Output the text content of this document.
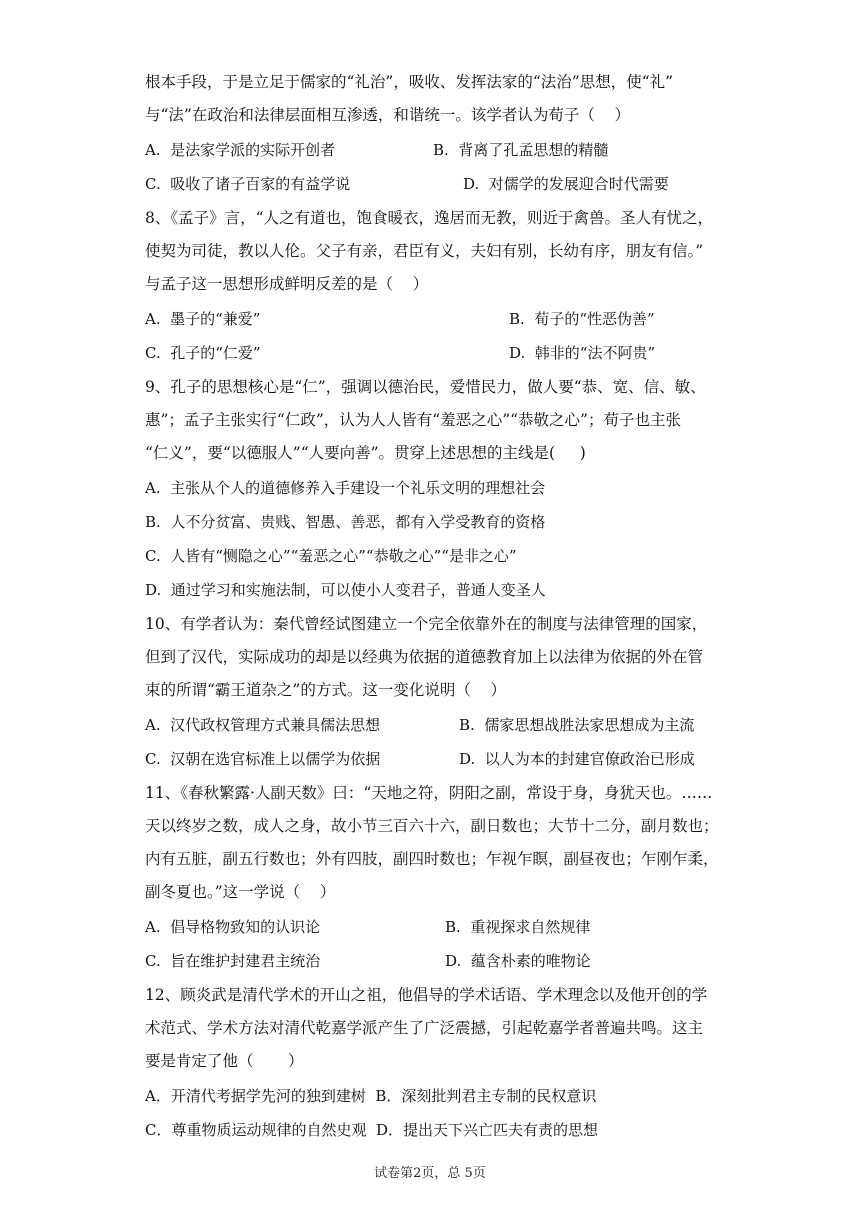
根本手段，于是立足于儒家的“礼治”，吸收、发挥法家的“法治”思想，使“礼”
与“法”在政治和法律层面相互渗透，和谐统一。该学者认为荀子（    ）
A.  是法家学派的实际开创者	B.  背离了孔孟思想的精髓
C.  吸收了诸子百家的有益学说	D.  对儒学的发展迎合时代需要
8、《孟子》言，“人之有道也，饱食暖衣，逸居而无教，则近于禽兽。圣人有忧之，
使契为司徒，教以人伦。父子有亲，君臣有义，夫妇有别，长幼有序，朋友有信。”
与孟子这一思想形成鲜明反差的是（    ）
A.  墨子的“兼爱”	B.  荀子的“性恶伪善”
C.  孔子的“仁爱”	D.  韩非的“法不阿贵”
9、孔子的思想核心是“仁”，强调以德治民，爱惜民力，做人要“恭、宽、信、敏、
惠”；孟子主张实行“仁政”，认为人人皆有“羞恶之心”“恭敬之心”；荀子也主张
“仁义”，要“以德服人”“人要向善”。贯穿上述思想的主线是(     )
A.  主张从个人的道德修养入手建设一个礼乐文明的理想社会
B.  人不分贫富、贵贱、智愚、善恶，都有入学受教育的资格
C.  人皆有“恻隐之心”“羞恶之心”“恭敬之心”“是非之心”
D.  通过学习和实施法制，可以使小人变君子，普通人变圣人
10、有学者认为：秦代曾经试图建立一个完全依靠外在的制度与法律管理的国家，
但到了汉代，实际成功的却是以经典为依据的道德教育加上以法律为依据的外在管
束的所谓“霸王道杂之”的方式。这一变化说明（    ）
A.  汉代政权管理方式兼具儒法思想	B.  儒家思想战胜法家思想成为主流
C.  汉朝在选官标准上以儒学为依据	D.  以人为本的封建官僚政治已形成
11、《春秋繁露·人副天数》曰：“天地之符，阴阳之副，常设于身，身犹天也。……
天以终岁之数，成人之身，故小节三百六十六，副日数也；大节十二分，副月数也；
内有五脏，副五行数也；外有四肢，副四时数也；乍视乍瞑，副昼夜也；乍刚乍柔，
副冬夏也。”这一学说（    ）
A.  倡导格物致知的认识论	B.  重视探求自然规律
C.  旨在维护封建君主统治	D.  蕴含朴素的唯物论
12、顾炎武是清代学术的开山之祖，他倡导的学术话语、学术理念以及他开创的学
术范式、学术方法对清代乾嘉学派产生了广泛震撼，引起乾嘉学者普遍共鸣。这主
要是肯定了他（       ）
A．开清代考据学先河的独到建树  B．深刻批判君主专制的民权意识
C．尊重物质运动规律的自然史观  D．提出天下兴亡匹夫有责的思想
试卷第2页，总 5页
